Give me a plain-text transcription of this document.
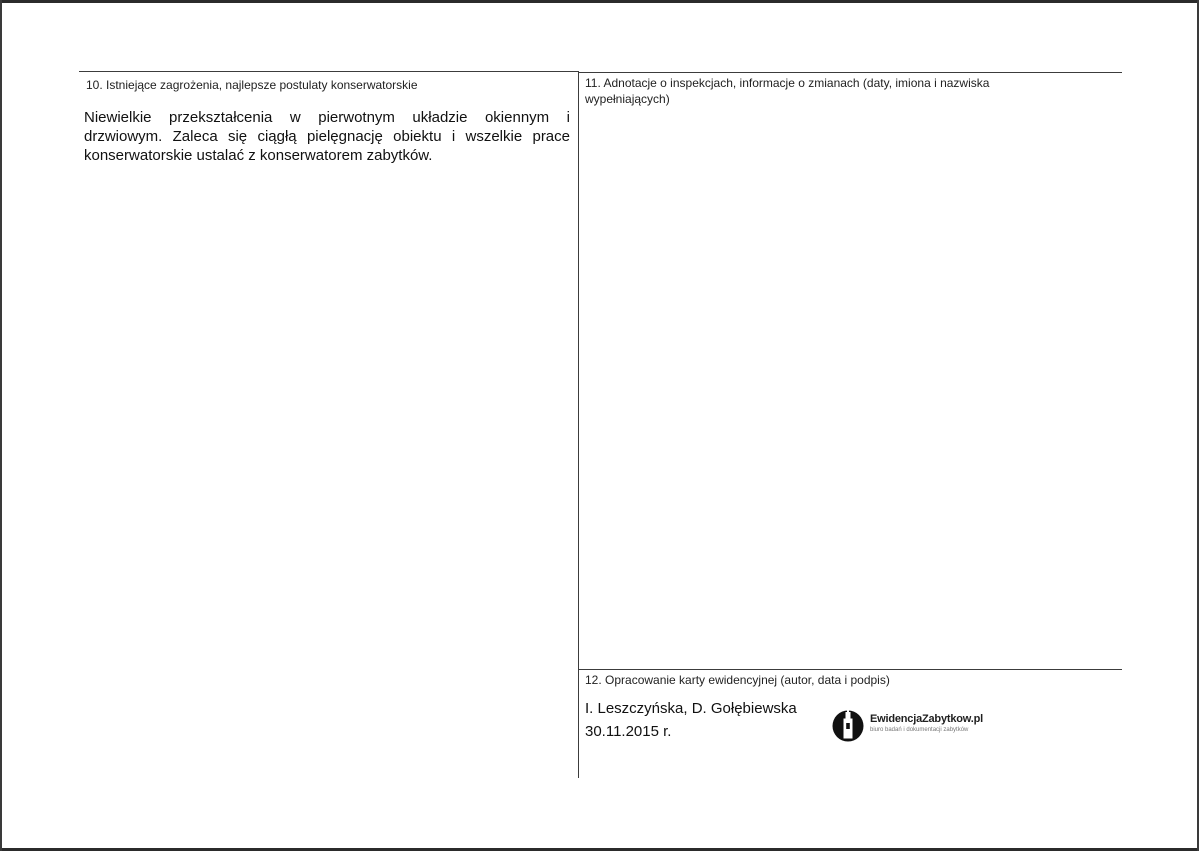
10. Istniejące zagrożenia, najlepsze postulaty konserwatorskie
Niewielkie przekształcenia w pierwotnym układzie okiennym i drzwiowym. Zaleca się ciągłą pielęgnację obiektu i wszelkie prace konserwatorskie ustalać z konserwatorem zabytków.
11. Adnotacje o inspekcjach, informacje o zmianach (daty, imiona i nazwiska wypełniających)
12. Opracowanie karty ewidencyjnej (autor, data i podpis)
I. Leszczyńska, D. Gołębiewska
30.11.2015 r.
EwidencjaZabytkow.pl
biuro badań i dokumentacji zabytków
